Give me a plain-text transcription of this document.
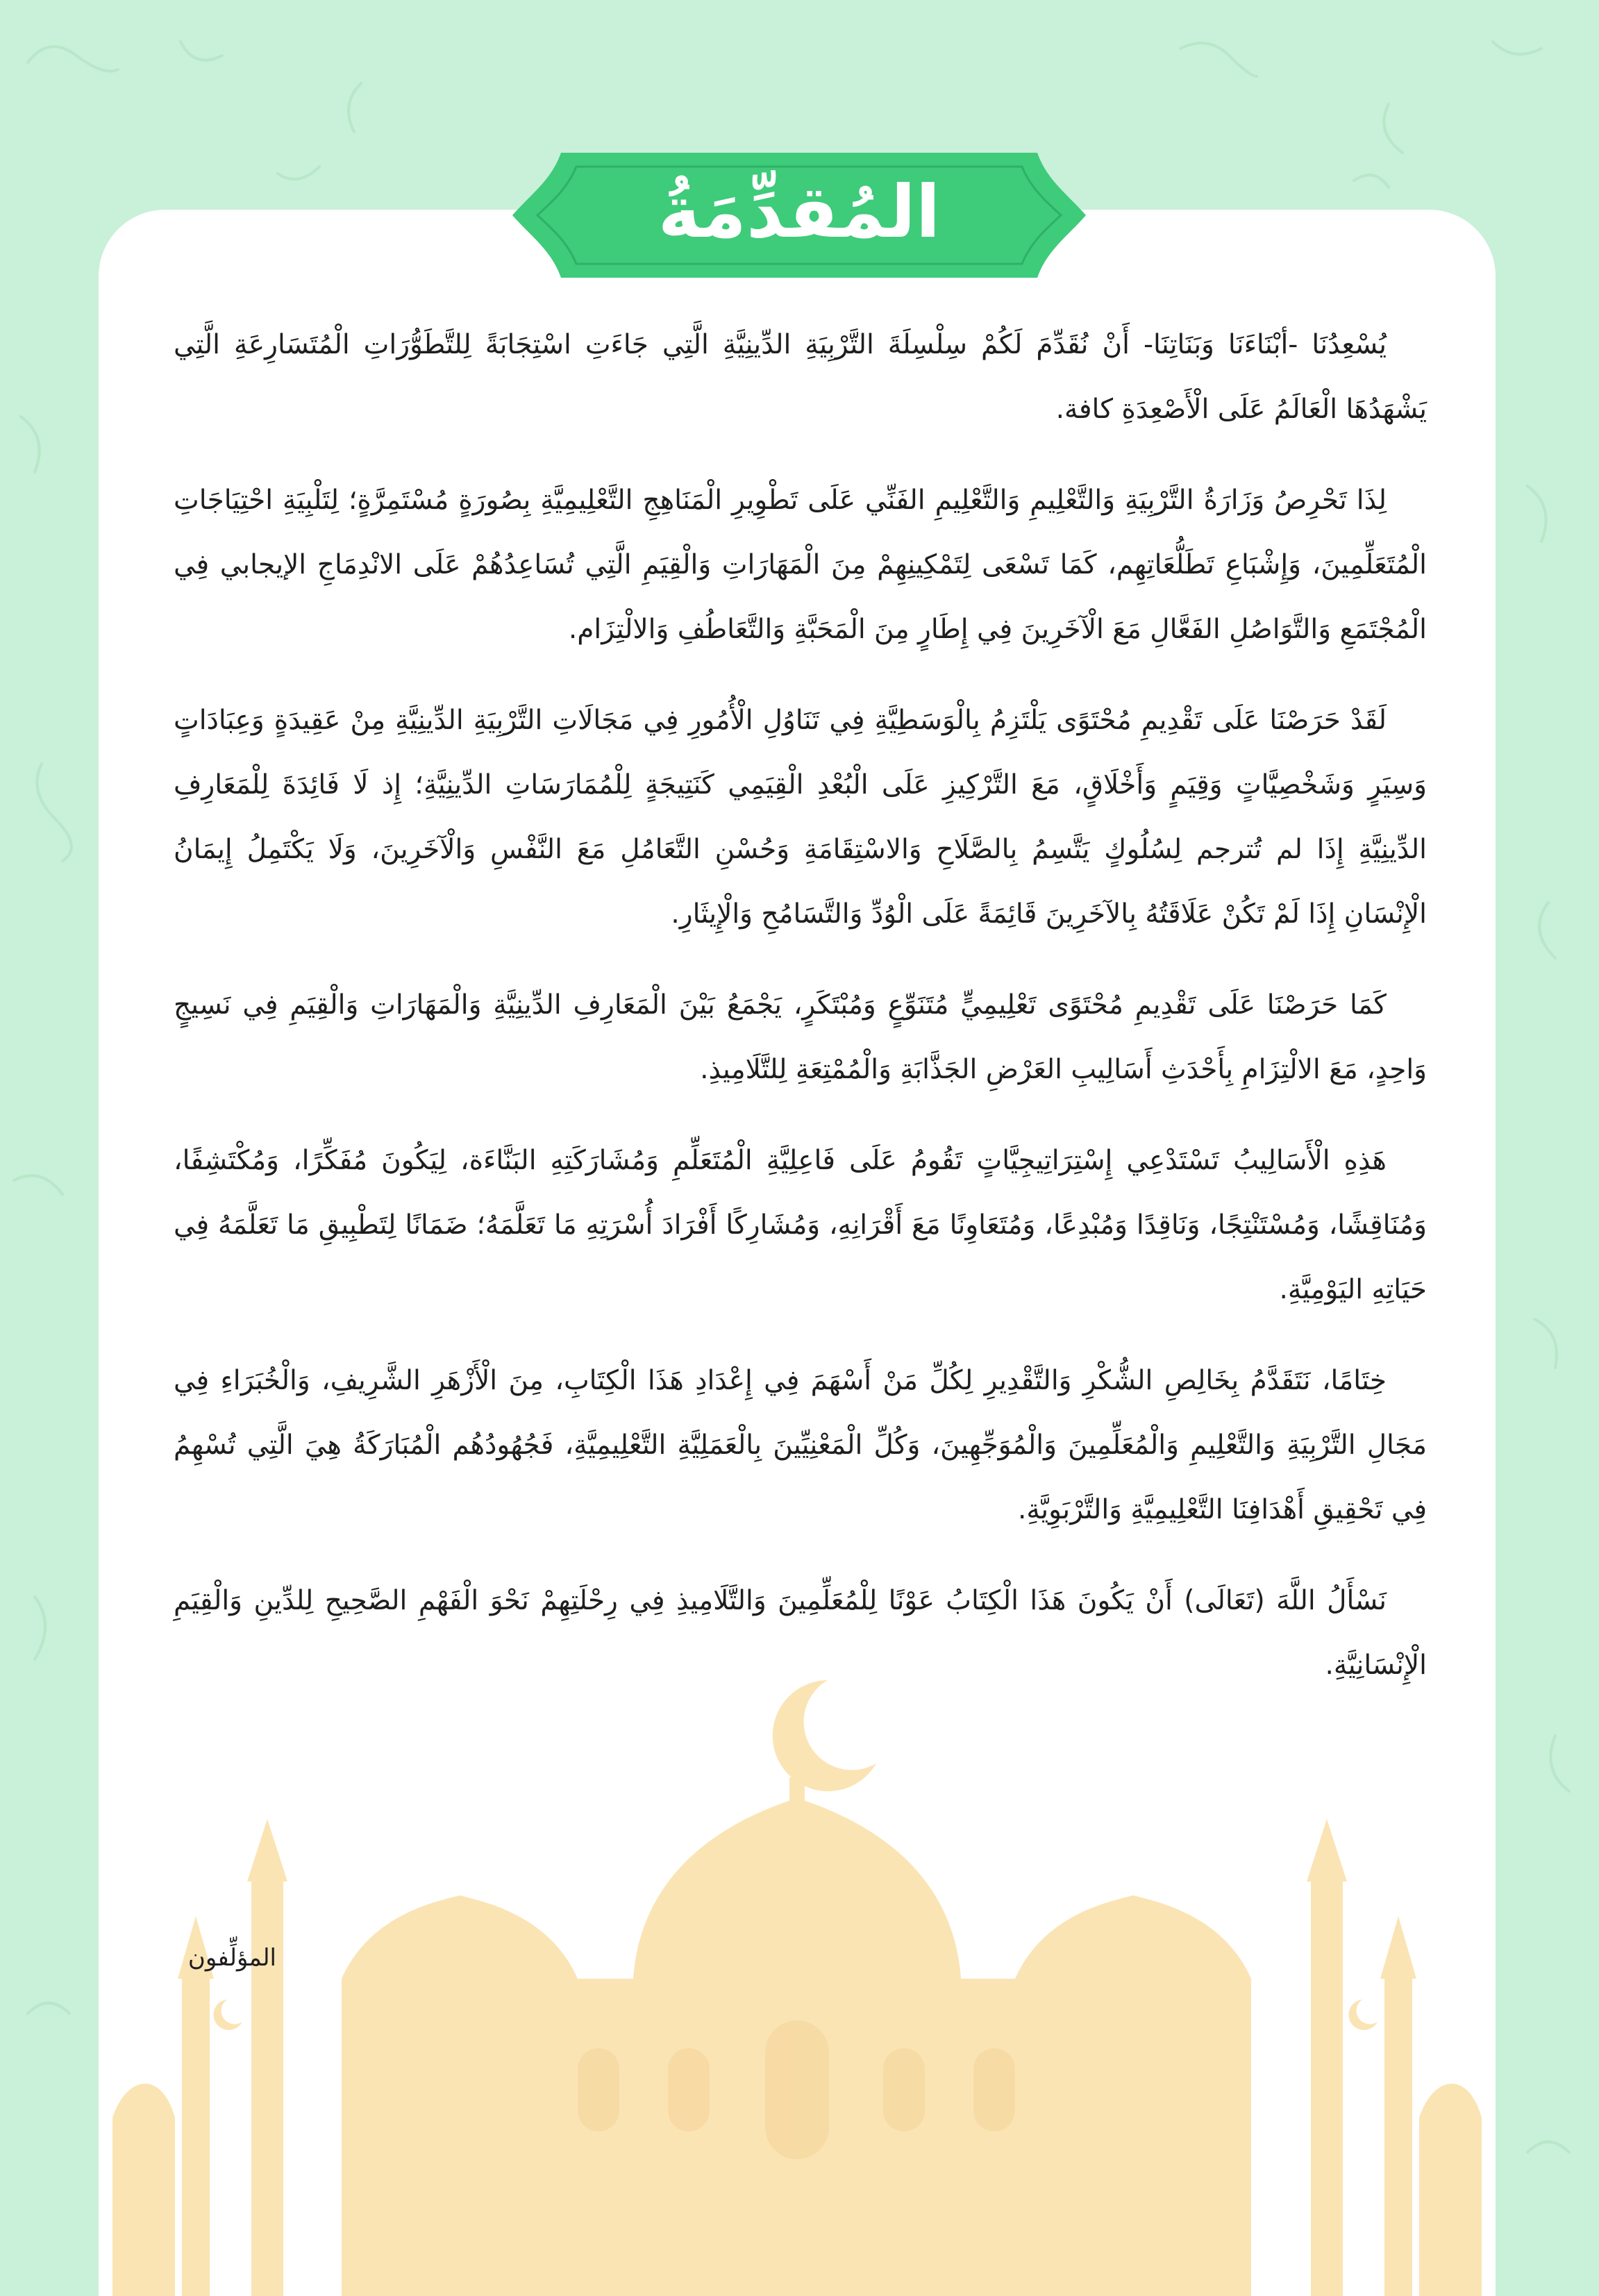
المُقدِّمَةُ

يُسْعِدُنَا -أبْنَاءَنَا وَبَنَاتِنَا- أَنْ نُقَدِّمَ لَكُمْ سِلْسِلَةَ التَّرْبِيَةِ الدِّينِيَّةِ الَّتِي جَاءَتِ اسْتِجَابَةً لِلتَّطَوُّرَاتِ الْمُتَسَارِعَةِ الَّتِي يَشْهَدُهَا الْعَالَمُ عَلَى الْأَصْعِدَةِ كافة.

لِذَا تَحْرِصُ وَزَارَةُ التَّرْبِيَةِ وَالتَّعْلِيمِ وَالتَّعْلِيمِ الفَنِّي عَلَى تَطْوِيرِ الْمَنَاهِجِ التَّعْلِيمِيَّةِ بِصُورَةٍ مُسْتَمِرَّةٍ؛ لِتَلْبِيَةِ احْتِيَاجَاتِ الْمُتَعَلِّمِينَ، وَإِشْبَاعِ تَطَلُّعَاتِهِم، كَمَا تَسْعَى لِتَمْكِينِهِمْ مِنَ الْمَهَارَاتِ وَالْقِيَمِ الَّتِي تُسَاعِدُهُمْ عَلَى الانْدِمَاجِ الإيجابي فِي الْمُجْتَمَعِ وَالتَّوَاصُلِ الفَعَّالِ مَعَ الْآخَرِينَ فِي إِطَارٍ مِنَ الْمَحَبَّةِ وَالتَّعَاطُفِ وَالالْتِزَام.

لَقَدْ حَرَصْنَا عَلَى تَقْدِيمِ مُحْتَوًى يَلْتَزِمُ بِالْوَسَطِيَّةِ فِي تَنَاوُلِ الْأُمُورِ فِي مَجَالَاتِ التَّرْبِيَةِ الدِّينِيَّةِ مِنْ عَقِيدَةٍ وَعِبَادَاتٍ وَسِيَرٍ وَشَخْصِيَّاتٍ وَقِيَمٍ وَأَخْلَاقٍ، مَعَ التَّرْكِيزِ عَلَى الْبُعْدِ الْقِيَمِي كَنَتِيجَةٍ لِلْمُمَارَسَاتِ الدِّينِيَّةِ؛ إِذ لَا فَائِدَةَ لِلْمَعَارِفِ الدِّينِيَّةِ إِذَا لم تُترجم لِسُلُوكٍ يَتَّسِمُ بِالصَّلَاحِ وَالاسْتِقَامَةِ وَحُسْنِ التَّعَامُلِ مَعَ النَّفْسِ وَالْآخَرِينَ، وَلَا يَكْتَمِلُ إِيمَانُ الْإِنْسَانِ إِذَا لَمْ تَكُنْ عَلَاقَتُهُ بِالآخَرِينَ قَائِمَةً عَلَى الْوُدِّ وَالتَّسَامُحِ وَالْإِيثَارِ.

كَمَا حَرَصْنَا عَلَى تَقْدِيمِ مُحْتَوًى تَعْلِيمِيٍّ مُتَنَوِّعٍ وَمُبْتَكَرٍ، يَجْمَعُ بَيْنَ الْمَعَارِفِ الدِّينِيَّةِ وَالْمَهَارَاتِ وَالْقِيَمِ فِي نَسِيجٍ وَاحِدٍ، مَعَ الالْتِزَامِ بِأَحْدَثِ أَسَالِيبِ العَرْضِ الجَذَّابَةِ وَالْمُمْتِعَةِ لِلتَّلَامِيذِ.

هَذِهِ الْأَسَالِيبُ تَسْتَدْعِي إِسْتِرَاتِيجِيَّاتٍ تَقُومُ عَلَى فَاعِلِيَّةِ الْمُتَعَلِّمِ وَمُشَارَكَتِهِ البَنَّاءَة، لِيَكُونَ مُفَكِّرًا، وَمُكْتَشِفًا، وَمُنَاقِشًا، وَمُسْتَنْتِجًا، وَنَاقِدًا وَمُبْدِعًا، وَمُتَعَاوِنًا مَعَ أَقْرَانِهِ، وَمُشَارِكًا أَفْرَادَ أُسْرَتِهِ مَا تَعَلَّمَهُ؛ ضَمَانًا لِتَطْبِيقِ مَا تَعَلَّمَهُ فِي حَيَاتِهِ اليَوْمِيَّةِ.

خِتَامًا، نَتَقَدَّمُ بِخَالِصِ الشُّكْرِ وَالتَّقْدِيرِ لِكُلِّ مَنْ أَسْهَمَ فِي إِعْدَادِ هَذَا الْكِتَابِ، مِنَ الْأَزْهَرِ الشَّرِيفِ، وَالْخُبَرَاءِ فِي مَجَالِ التَّرْبِيَةِ وَالتَّعْلِيمِ وَالْمُعَلِّمِينَ وَالْمُوَجِّهِينَ، وَكُلِّ الْمَعْنِيِّينَ بِالْعَمَلِيَّةِ التَّعْلِيمِيَّةِ، فَجُهُودُهُم الْمُبَارَكَةُ هِيَ الَّتِي تُسْهِمُ فِي تَحْقِيقِ أَهْدَافِنَا التَّعْلِيمِيَّةِ وَالتَّرْبَوِيَّةِ.

نَسْأَلُ اللَّهَ (تَعَالَى) أَنْ يَكُونَ هَذَا الْكِتَابُ عَوْنًا لِلْمُعَلِّمِينَ وَالتَّلَامِيذِ فِي رِحْلَتِهِمْ نَحْوَ الْفَهْمِ الصَّحِيحِ لِلدِّينِ وَالْقِيَمِ الْإِنْسَانِيَّةِ.

المؤلِّفون
